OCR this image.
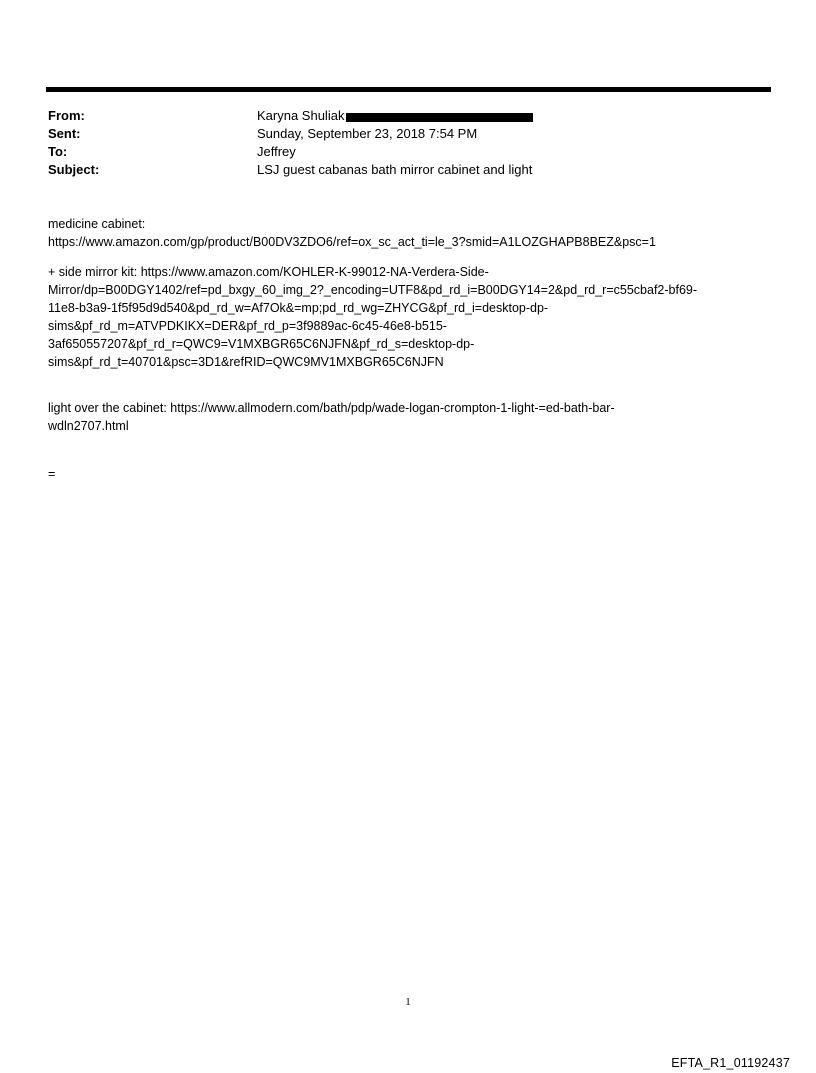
From:	Karyna Shuliak
Sent:	Sunday, September 23, 2018 7:54 PM
To:	Jeffrey
Subject:	LSJ guest cabanas bath mirror cabinet and light
medicine cabinet:
https://www.amazon.com/gp/product/B00DV3ZDO6/ref=ox_sc_act_ti=le_3?smid=A1LOZGHAPB8BEZ&psc=1
+ side mirror kit: https://www.amazon.com/KOHLER-K-99012-NA-Verdera-Side-
Mirror/dp=B00DGY1402/ref=pd_bxgy_60_img_2?_encoding=UTF8&pd_rd_i=B00DGY14=2&pd_rd_r=c55cbaf2-bf69-
11e8-b3a9-1f5f95d9d540&pd_rd_w=Af7Ok&=mp;pd_rd_wg=ZHYCG&pf_rd_i=desktop-dp-
sims&pf_rd_m=ATVPDKIKX=DER&pf_rd_p=3f9889ac-6c45-46e8-b515-
3af650557207&pf_rd_r=QWC9=V1MXBGR65C6NJFN&pf_rd_s=desktop-dp-
sims&pf_rd_t=40701&psc=3D1&refRID=QWC9MV1MXBGR65C6NJFN
light over the cabinet: https://www.allmodern.com/bath/pdp/wade-logan-crompton-1-light-=ed-bath-bar-
wdln2707.html
=
1
EFTA_R1_01192437
